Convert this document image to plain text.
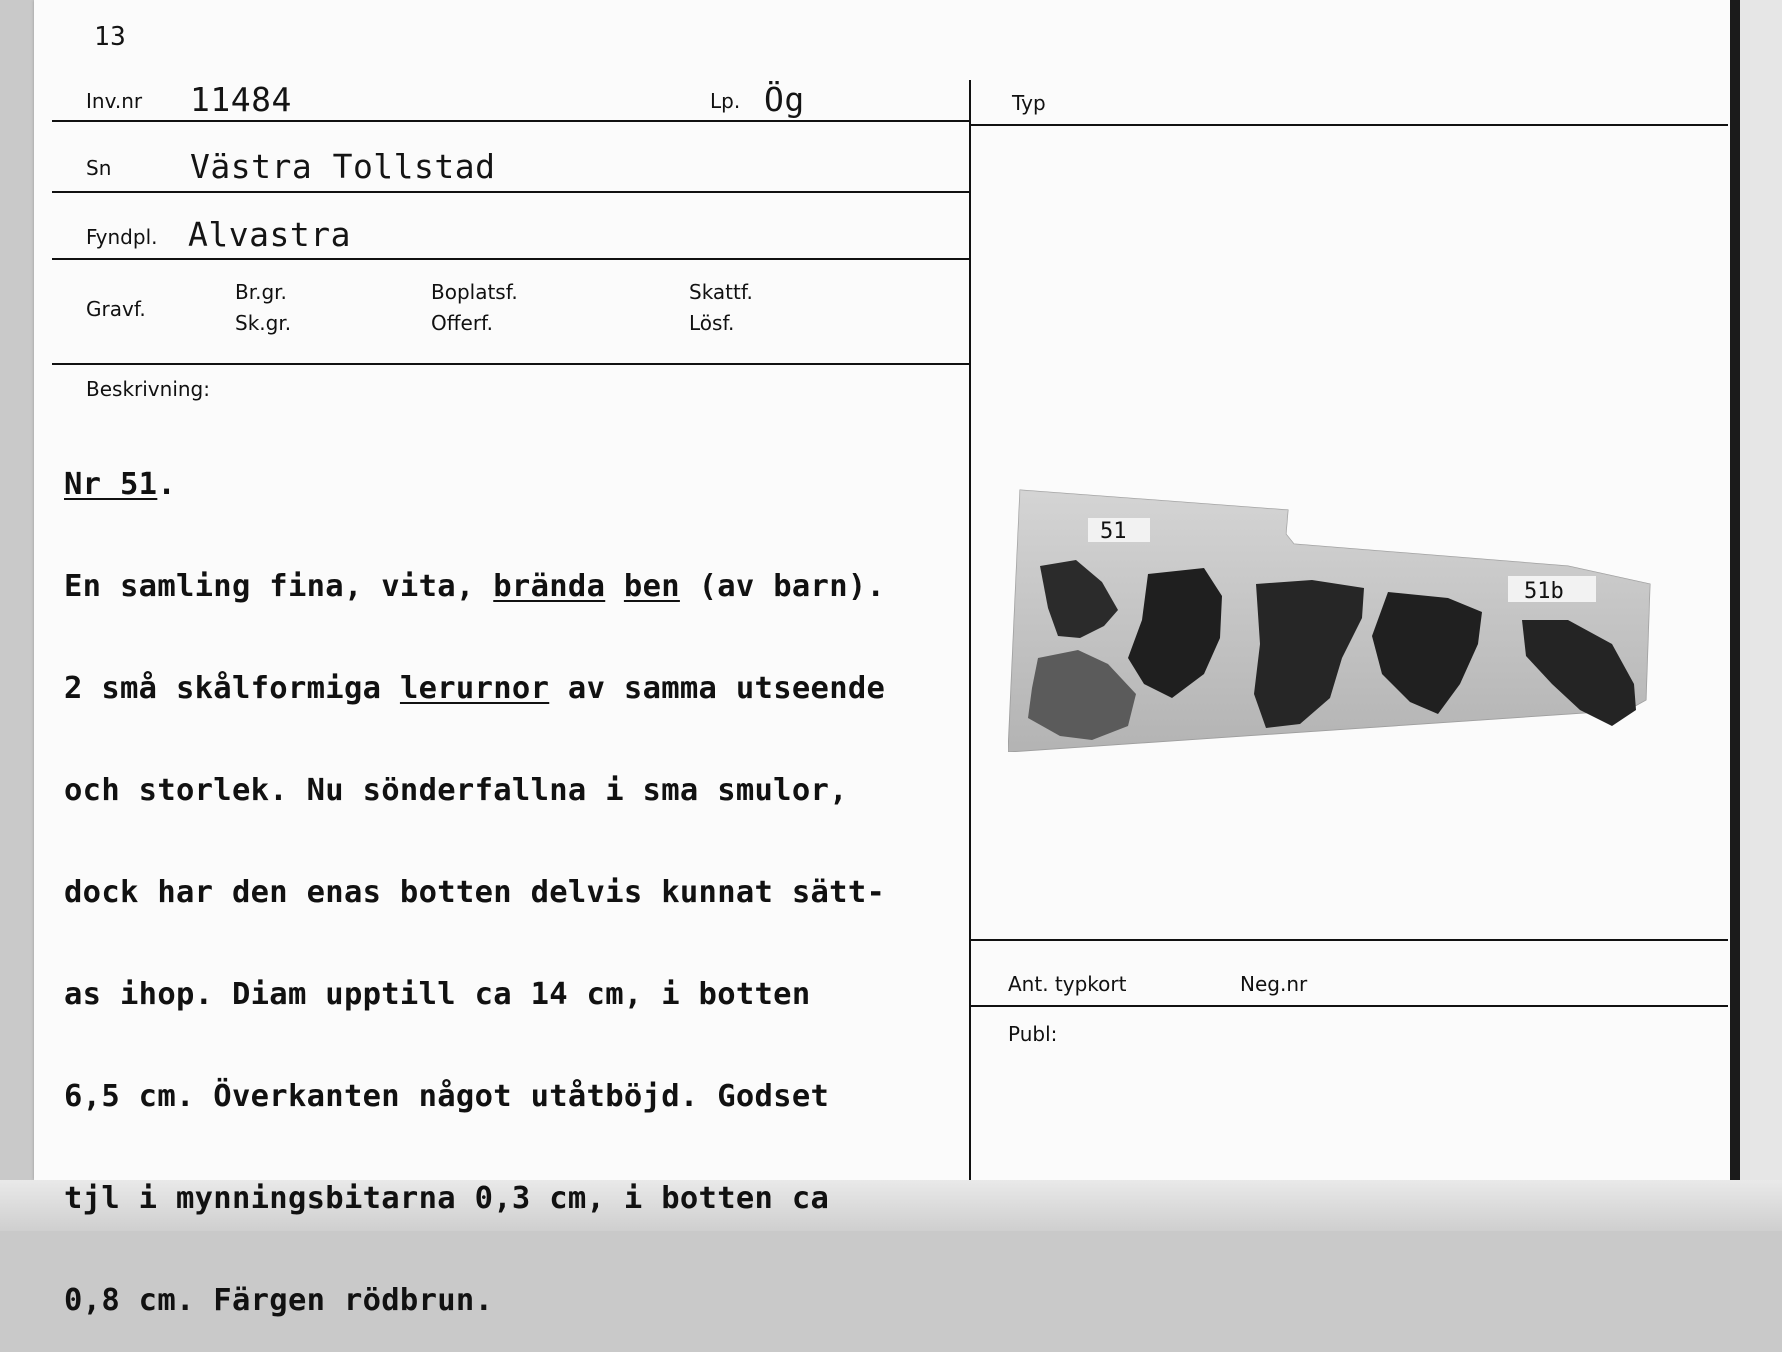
13
Inv.nr 11484	Lp. Ög	Typ
Sn Västra Tollstad
Fyndpl. Alvastra
Gravf.
Br.gr.
Sk.gr.
Boplatsf.
Offerf.
Skattf.
Lösf.
Beskrivning:

Nr 51.

En samling fina, vita, brända ben (av barn).

2 små skålformiga lerurnor av samma utseende

och storlek. Nu sönderfallna i sma smulor,

dock har den enas botten delvis kunnat sätt-

as ihop. Diam upptill ca 14 cm, i botten

6,5 cm. Överkanten något utåtböjd. Godset

tjl i mynningsbitarna 0,3 cm, i botten ca

0,8 cm. Färgen rödbrun.

51
51b
Ant. typkort	Neg.nr
Publ:
